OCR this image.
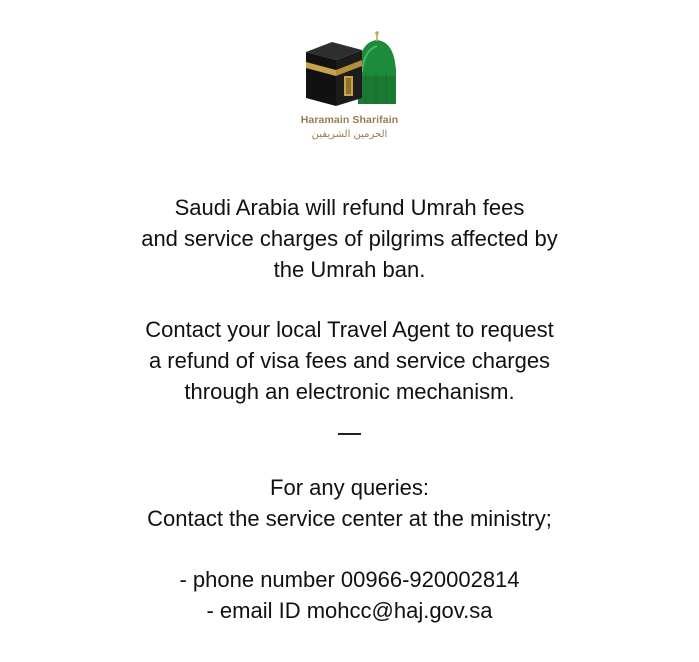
Haramain Sharifain
الحرمين الشريفين
Saudi Arabia will refund Umrah fees
and service charges of pilgrims affected by
the Umrah ban.
Contact your local Travel Agent to request
a refund of visa fees and service charges
through an electronic mechanism.
For any queries:
Contact the service center at the ministry;
- phone number 00966-920002814
- email ID mohcc@haj.gov.sa
